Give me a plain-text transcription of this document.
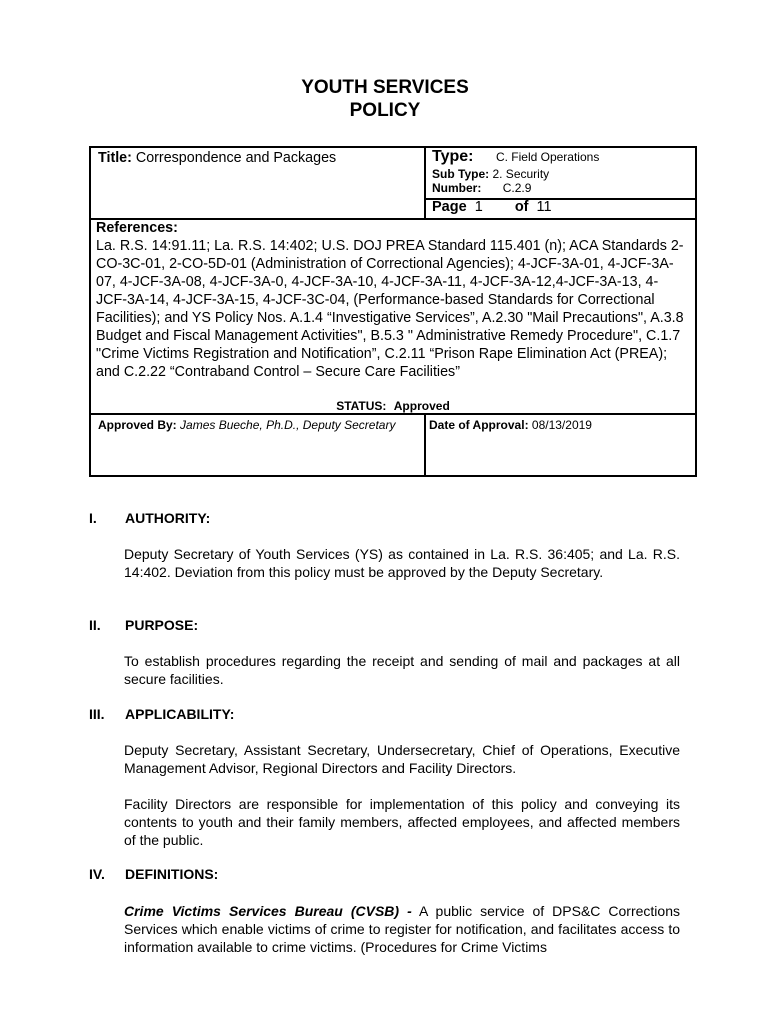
YOUTH SERVICES
POLICY
Title: Correspondence and Packages	Type: C. Field Operations
Sub Type: 2. Security
Number: C.2.9
Page 1 of 11
References:
La. R.S. 14:91.11; La. R.S. 14:402; U.S. DOJ PREA Standard 115.401 (n); ACA Standards 2-CO-3C-01, 2-CO-5D-01 (Administration of Correctional Agencies); 4-JCF-3A-01, 4-JCF-3A-07, 4-JCF-3A-08, 4-JCF-3A-0, 4-JCF-3A-10, 4-JCF-3A-11, 4-JCF-3A-12,4-JCF-3A-13, 4-JCF-3A-14, 4-JCF-3A-15, 4-JCF-3C-04, (Performance-based Standards for Correctional Facilities); and YS Policy Nos. A.1.4 “Investigative Services”, A.2.30 "Mail Precautions", A.3.8 Budget and Fiscal Management Activities", B.5.3 " Administrative Remedy Procedure", C.1.7 "Crime Victims Registration and Notification”, C.2.11 “Prison Rape Elimination Act (PREA); and C.2.22 “Contraband Control – Secure Care Facilities”
STATUS: Approved
Approved By: James Bueche, Ph.D., Deputy Secretary	Date of Approval: 08/13/2019
I. AUTHORITY:

Deputy Secretary of Youth Services (YS) as contained in La. R.S. 36:405; and La. R.S. 14:402. Deviation from this policy must be approved by the Deputy Secretary.

II. PURPOSE:

To establish procedures regarding the receipt and sending of mail and packages at all secure facilities.

III. APPLICABILITY:

Deputy Secretary, Assistant Secretary, Undersecretary, Chief of Operations, Executive Management Advisor, Regional Directors and Facility Directors.

Facility Directors are responsible for implementation of this policy and conveying its contents to youth and their family members, affected employees, and affected members of the public.

IV. DEFINITIONS:

Crime Victims Services Bureau (CVSB) - A public service of DPS&C Corrections Services which enable victims of crime to register for notification, and facilitates access to information available to crime victims. (Procedures for Crime Victims
